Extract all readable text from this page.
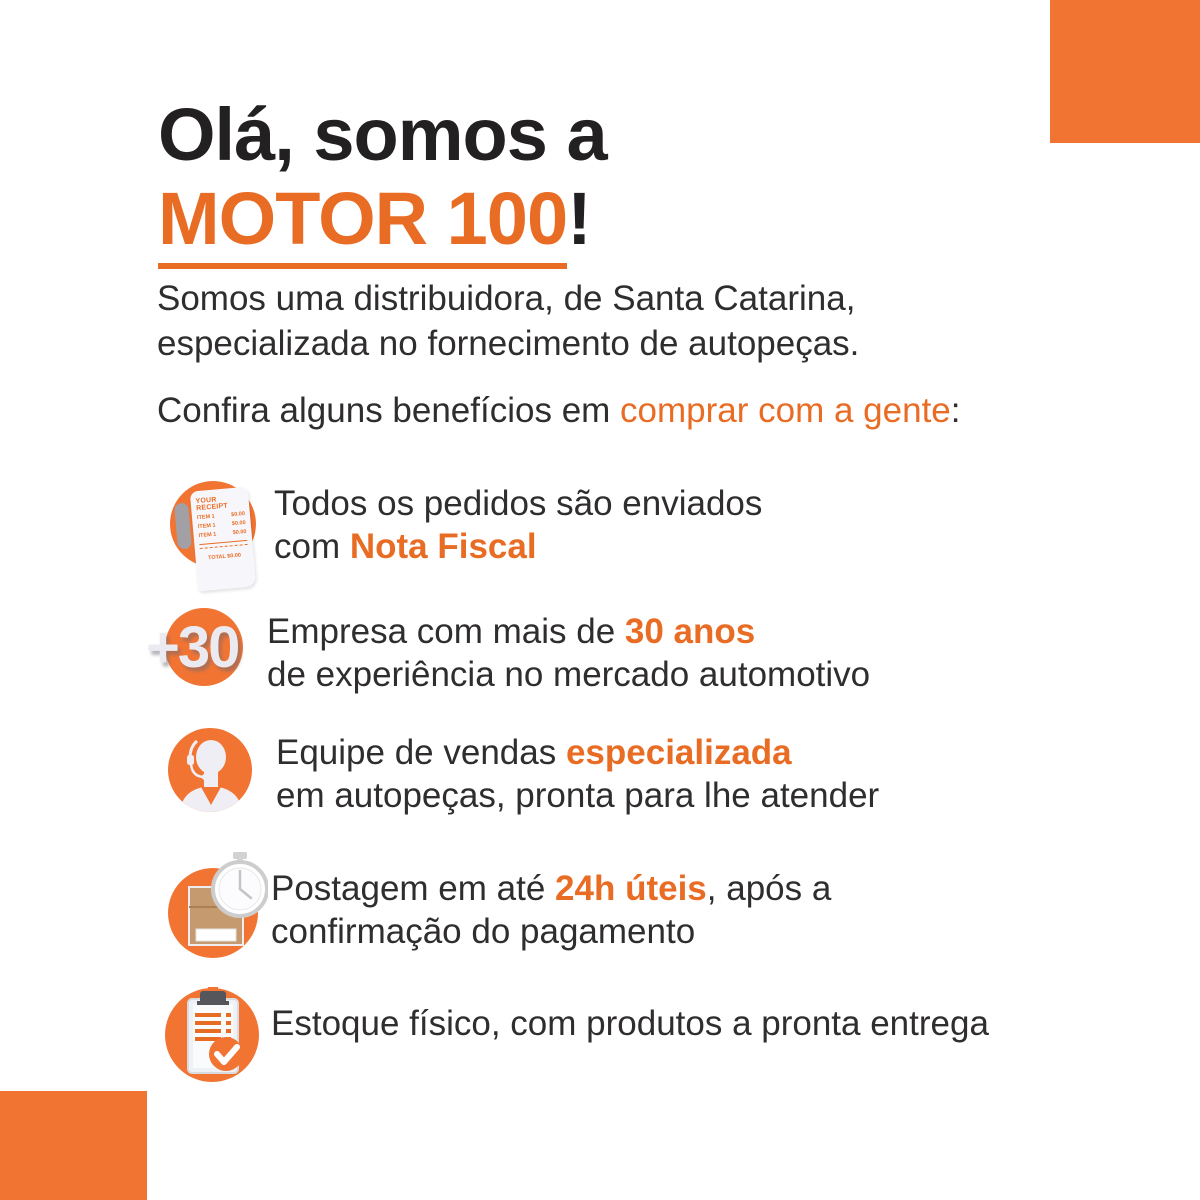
Olá, somos a
MOTOR 100!
Somos uma distribuidora, de Santa Catarina,
especializada no fornecimento de autopeças.
Confira alguns benefícios em comprar com a gente:
YOUR RECEIPT
ITEM 1	$0.00
ITEM 1	$0.00
ITEM 1	$0.00
TOTAL $0.00
+30
Todos os pedidos são enviados
com Nota Fiscal
Empresa com mais de 30 anos
de experiência no mercado automotivo
Equipe de vendas especializada
em autopeças, pronta para lhe atender
Postagem em até 24h úteis, após a
confirmação do pagamento
Estoque físico, com produtos a pronta entrega
